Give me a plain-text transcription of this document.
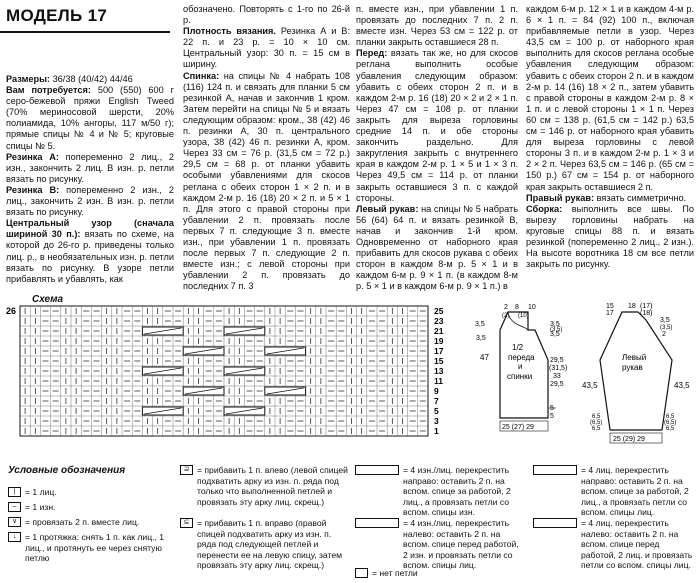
МОДЕЛЬ 17

Размеры: 36/38 (40/42) 44/46

Вам потребуется: 500 (550) 600 г серо-бежевой пряжи English Tweed (70% мериносовой шерсти, 20% полиамида, 10% ангоры, 117 м/50 г); прямые спицы № 4 и № 5; круговые спицы № 5.

Резинка А: попеременно 2 лиц., 2 изн., закончить 2 лиц. В изн. р. петли вязать по рисунку.

Резинка В: попеременно 2 изн., 2 лиц., закончить 2 изн. В изн. р. петли вязать по рисунку.

Центральный узор (сначала шириной 30 п.): вязать по схеме, на которой до 26-го р. приведены только лиц. р., в необязательных изн. р. петли вязать по рисунку. В узоре петли прибавлять и убавлять, как

обозначено. Повторять с 1-го по 26-й р.

Плотность вязания. Резинка А и В: 22 п. и 23 р. = 10 × 10 см. Центральный узор: 30 п. = 15 см в ширину.

Спинка: на спицы № 4 набрать 108 (116) 124 п. и связать для планки 5 см резинкой А, начав и закончив 1 кром. Затем перейти на спицы № 5 и вязать следующим образом: кром., 38 (42) 46 п. резинки А, 30 п. центрального узора, 38 (42) 46 п. резинки А, кром. Через 33 см = 76 р. (31,5 см = 72 р.) 29,5 см = 68 р. от планки убавить особыми убавлениями для скосов реглана с обеих сторон 1 × 2 п. и в каждом 2-м р. 16 (18) 20 × 2 п. и 5 × 1 п. Для этого с правой стороны при убавлении 2 п. провязать после первых 7 п. следующие 3 п. вместе изн., при убавлении 1 п. провязать после первых 7 п. следующие 2 п. вместе изн.; с левой стороны при убавлении 2 п. провязать до последних 7 п. 3

п. вместе изн., при убавлении 1 п. провязать до последних 7 п. 2 п. вместе изн. Через 53 см = 122 р. от планки закрыть оставшиеся 28 п.

Перед: вязать так же, но для скосов реглана выполнить особые убавления следующим образом: убавить с обеих сторон 2 п. и в каждом 2-м р. 16 (18) 20 × 2 и 2 × 1 п. Через 47 см = 108 р. от планки закрыть для выреза горловины средние 14 п. и обе стороны закончить раздельно. Для закругления закрыть с внутреннего края в каждом 2-м р. 1 × 5 и 1 × 3 п. Через 49,5 см = 114 р. от планки закрыть оставшиеся 3 п. с каждой стороны.

Левый рукав: на спицы № 5 набрать 56 (64) 64 п. и вязать резинкой В, начав и закончив 1-й кром. Одновременно от наборного края прибавить для скосов рукава с обеих сторон в каждом 8-м р. 5 × 1 и в каждом 6-м р. 9 × 1 п. (в каждом 8-м р. 5 × 1 и в каждом 6-м р. 9 × 1 п.) в

каждом 6-м р. 12 × 1 и в каждом 4-м р. 6 × 1 п. = 84 (92) 100 п., включая прибавляемые петли в узор. Через 43,5 см = 100 р. от наборного края выполнить для скосов реглана особые убавления следующим образом: убавить с обеих сторон 2 п. и в каждом 2-м р. 14 (16) 18 × 2 п., затем убавить с правой стороны в каждом 2-м р. 8 × 1 п. и с левой стороны 1 × 1 п. Через 60 см = 138 р. (61,5 см = 142 р.) 63,5 см = 146 р. от наборного края убавить для выреза горловины с левой стороны 3 п. и в каждом 2-м р. 1 × 3 и 2 × 2 п. Через 63,5 см = 146 р. (65 см = 150 р.) 67 см = 154 р. от наборного края закрыть оставшиеся 2 п.

Правый рукав: вязать симметрично.

Сборка: выполнить все швы. По вырезу горловины набрать на круговые спицы 88 п. и вязать резинкой (попеременно 2 лиц., 2 изн.). На высоте воротника 18 см все петли закрыть по рисунку.

Схема
26	25
23
21
19
17
15
13
11
9
7
5
3
1
2 8 10
(2) (10)
3,5	3,5
3,5
(3,5)
3,5
47
1/2
переда
и
спинки
29,5
(31,5)
33
29,5
5
5
25 (27) 29
15
17
(17)
(18)
18
3,5
(3,5)
2
43,5	43,5
Левый
рукав
6,5
(6,5)
6,5
6,5
(6,5)
6,5
25 (29) 29
Условные обозначения
|	= 1 лиц.
– = 1 изн.
∨ = провязать 2 п. вместе лиц.
↓	= 1 протяжка: снять 1 п. как лиц., 1 лиц., и протянуть ее через снятую петлю
⊇ = прибавить 1 п. влево (левой спицей подхватить арку из изн. п. ряда под только что выполненной петлей и провязать эту арку лиц. скрещ.)
⊆ = прибавить 1 п. вправо (правой спицей подхватить арку из изн. п. ряда под следующей петлей и перенести ее на левую спицу, затем провязать эту арку лиц. скрещ.)
= 4 изн./лиц. перекрестить направо: оставить 2 п. на вспом. спице за работой, 2 лиц., а провязать петли со вспом. спицы изн.
= 4 изн./лиц. перекрестить налево: оставить 2 п. на вспом. спице перед работой, 2 изн. и провязать петли со вспом. спицы лиц.
= нет петли
= 4 лиц. перекрестить направо: оставить 2 п. на вспом. спице за работой, 2 лиц., а провязать петли со вспом. спицы лиц.
= 4 лиц. перекрестить налево: оставить 2 п. на вспом. спице перед работой, 2 лиц. и провязать петли со вспом. спицы лиц.
